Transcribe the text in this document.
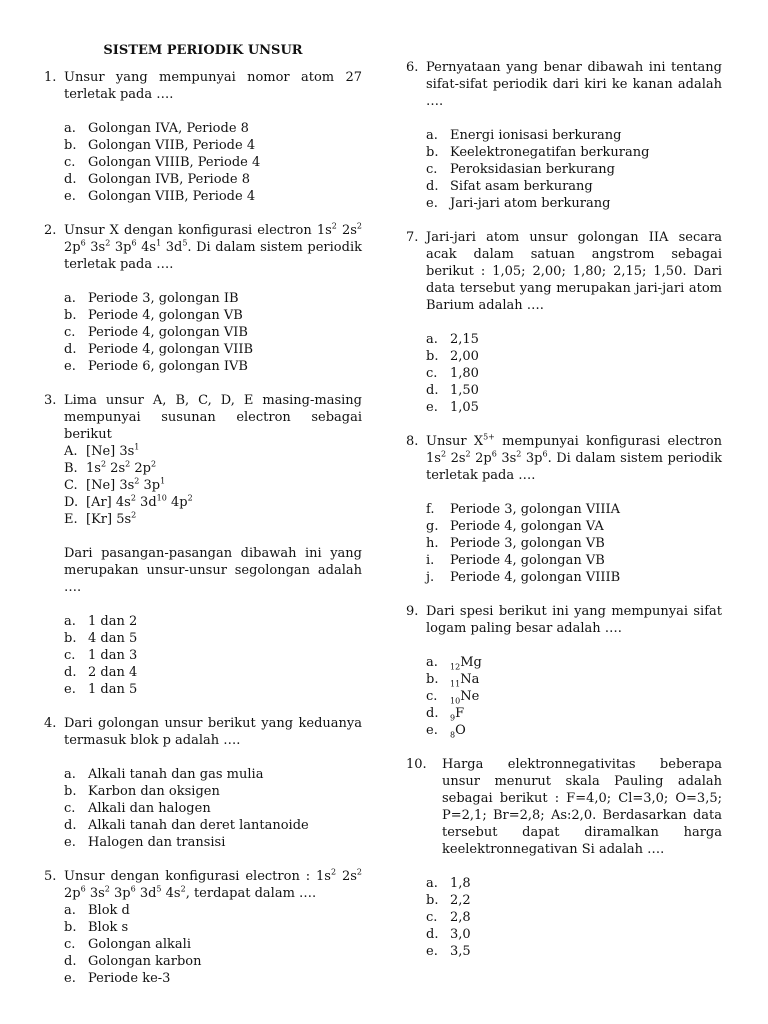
SISTEM PERIODIK UNSUR
1. Unsur yang mempunyai nomor atom 27 terletak pada ….
a. Golongan IVA, Periode 8
b. Golongan VIIB, Periode 4
c. Golongan VIIIB, Periode 4
d. Golongan IVB, Periode 8
e. Golongan VIIB, Periode 4
2. Unsur X dengan konfigurasi electron $1s^2$ $2s^2$ $2p^6$ $3s^2$ $3p^6$ $4s^1$ $3d^5$. Di dalam sistem periodik terletak pada ….
a. Periode 3, golongan IB
b. Periode 4, golongan VB
c. Periode 4, golongan VIB
d. Periode 4, golongan VIIB
e. Periode 6, golongan IVB
3. Lima unsur A, B, C, D, E masing-masing mempunyai susunan electron sebagai berikut
A. [Ne] $3s^1$
B. $1s^2$ $2s^2$ $2p^2$
C. [Ne] $3s^2$ $3p^1$
D. [Ar] $4s^2$ $3d^{10}$ $4p^2$
E. [Kr] $5s^2$
Dari pasangan-pasangan dibawah ini yang merupakan unsur-unsur segolongan adalah ….
a. 1 dan 2
b. 4 dan 5
c. 1 dan 3
d. 2 dan 4
e. 1 dan 5
4. Dari golongan unsur berikut yang keduanya termasuk blok p adalah ….
a. Alkali tanah dan gas mulia
b. Karbon dan oksigen
c. Alkali dan halogen
d. Alkali tanah dan deret lantanoide
e. Halogen dan transisi
5. Unsur dengan konfigurasi electron : $1s^2$ $2s^2$ $2p^6$ $3s^2$ $3p^6$ $3d^5$ $4s^2$, terdapat dalam ….
a. Blok d
b. Blok s
c. Golongan alkali
d. Golongan karbon
e. Periode ke-3
6. Pernyataan yang benar dibawah ini tentang sifat-sifat periodik dari kiri ke kanan adalah ….
a. Energi ionisasi berkurang
b. Keelektronegatifan berkurang
c. Peroksidasian berkurang
d. Sifat asam berkurang
e. Jari-jari atom berkurang
7. Jari-jari atom unsur golongan IIA secara acak dalam satuan angstrom sebagai berikut : 1,05; 2,00; 1,80; 2,15; 1,50. Dari data tersebut yang merupakan jari-jari atom Barium adalah ….
a. 2,15
b. 2,00
c. 1,80
d. 1,50
e. 1,05
8. Unsur $X^{5+}$ mempunyai konfigurasi electron $1s^2$ $2s^2$ $2p^6$ $3s^2$ $3p^6$. Di dalam sistem periodik terletak pada ….
f.	Periode 3, golongan VIIIA
g. Periode 4, golongan VA
h. Periode 3, golongan VB
i.	Periode 4, golongan VB
j.	Periode 4, golongan VIIIB
9. Dari spesi berikut ini yang mempunyai sifat logam paling besar adalah ….
a.	$_{12}$Mg
b.	$_{11}$Na
c.	$_{10}$Ne
d.	$_9$F
e.	$_8$O
10.	Harga elektronnegativitas beberapa unsur menurut skala Pauling adalah sebagai berikut : F=4,0; Cl=3,0; O=3,5; P=2,1; Br=2,8; As:2,0. Berdasarkan data tersebut dapat diramalkan harga keelektronnegativan Si adalah ….
a. 1,8
b. 2,2
c. 2,8
d. 3,0
e. 3,5
